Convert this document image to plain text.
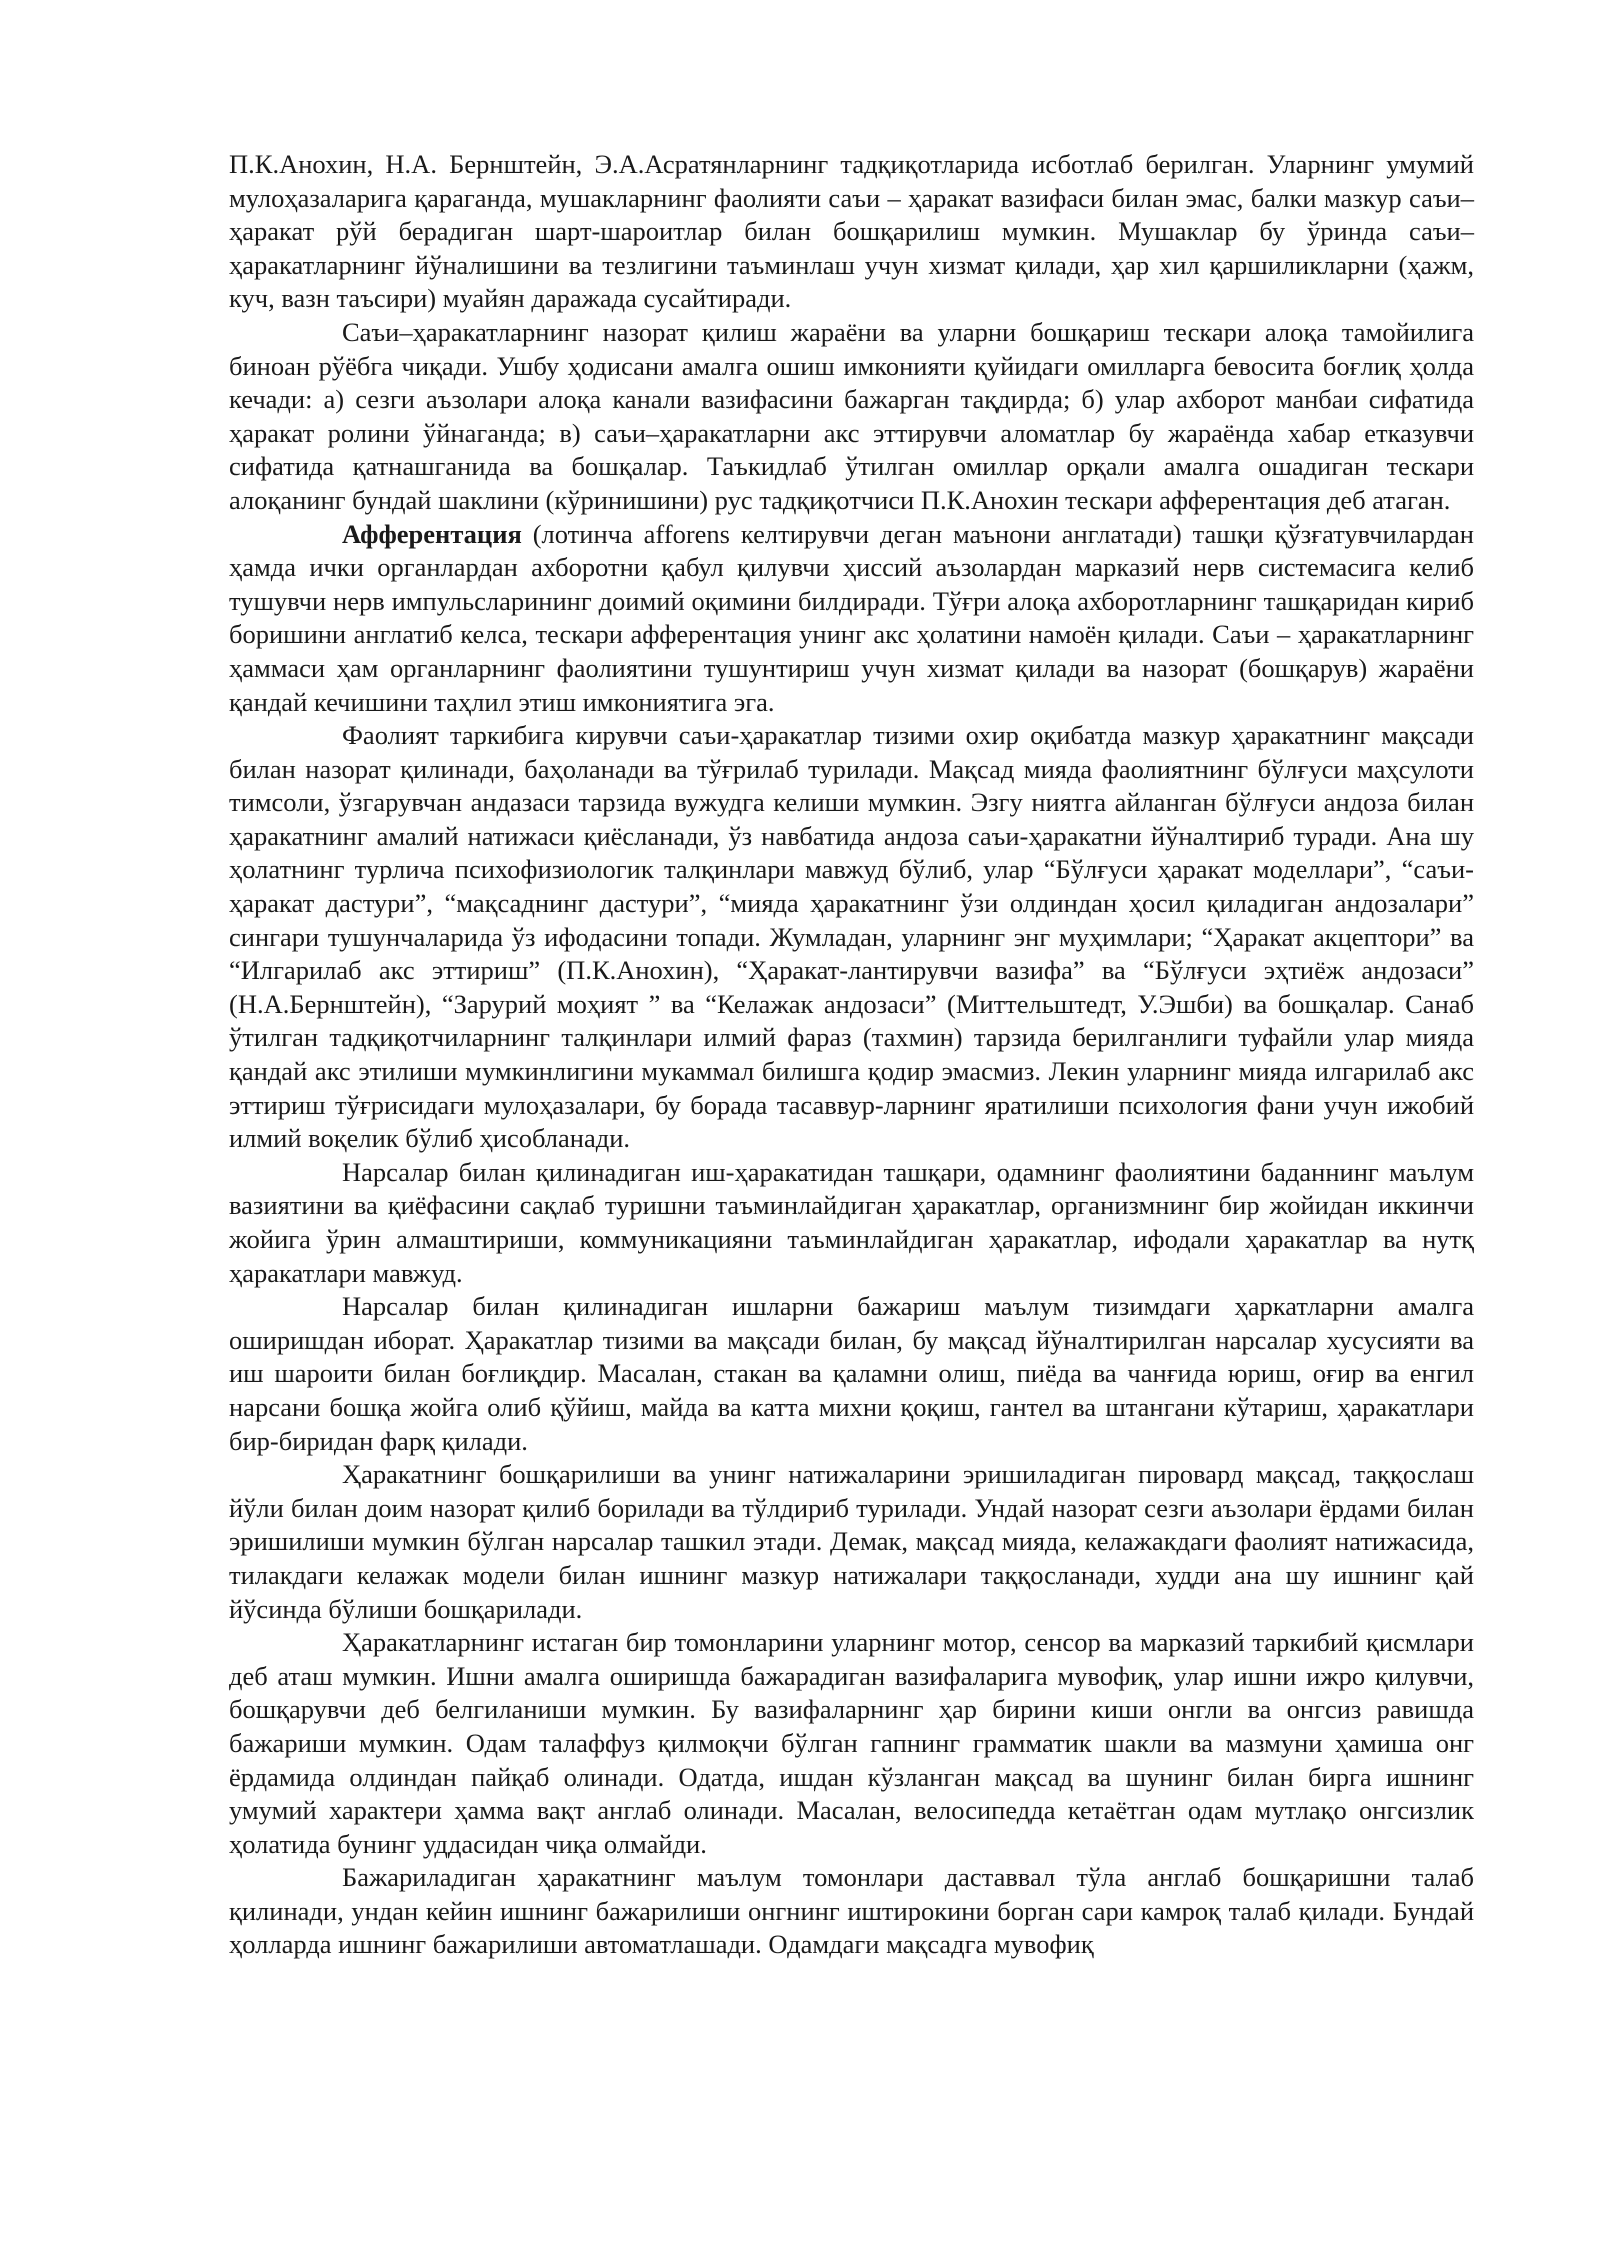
П.К.Анохин, Н.А. Бернштейн, Э.А.Асратянларнинг тадқиқотларида исботлаб берилган. Уларнинг умумий мулоҳазаларига қараганда, мушакларнинг фаолияти саъи – ҳаракат вазифаси билан эмас, балки мазкур саъи–ҳаракат рўй берадиган шарт-шароитлар билан бошқарилиш мумкин. Мушаклар бу ўринда саъи– ҳаракатларнинг йўналишини ва тезлигини таъминлаш учун хизмат қилади, ҳар хил қаршиликларни (ҳажм, куч, вазн таъсири) муайян даражада сусайтиради.

Саъи–ҳаракатларнинг назорат қилиш жараёни ва уларни бошқариш тескари алоқа тамойилига биноан рўёбга чиқади. Ушбу ҳодисани амалга ошиш имконияти қуйидаги омилларга бевосита боғлиқ ҳолда кечади: а) сезги аъзолари алоқа канали вазифасини бажарган тақдирда; б) улар ахборот манбаи сифатида ҳаракат ролини ўйнаганда; в) саъи–ҳаракатларни акс эттирувчи аломатлар бу жараёнда хабар етказувчи сифатида қатнашганида ва бошқалар. Таъкидлаб ўтилган омиллар орқали амалга ошадиган тескари алоқанинг бундай шаклини (кўринишини) рус тадқиқотчиси П.К.Анохин тескари афферентация деб атаган.

Афферентация (лотинча afforens келтирувчи деган маънони англатади) ташқи қўзғатувчилардан ҳамда ички органлардан ахборотни қабул қилувчи ҳиссий аъзолардан марказий нерв системасига келиб тушувчи нерв импульсларининг доимий оқимини билдиради. Тўғри алоқа ахборотларнинг ташқаридан кириб боришини англатиб келса, тескари афферентация унинг акс ҳолатини намоён қилади. Саъи – ҳаракатларнинг ҳаммаси ҳам органларнинг фаолиятини тушунтириш учун хизмат қилади ва назорат (бошқарув) жараёни қандай кечишини таҳлил этиш имкониятига эга.

Фаолият таркибига кирувчи саъи-ҳаракатлар тизими охир оқибатда мазкур ҳаракатнинг мақсади билан назорат қилинади, баҳоланади ва тўғрилаб турилади. Мақсад мияда фаолиятнинг бўлғуси маҳсулоти тимсоли, ўзгарувчан андазаси тарзида вужудга келиши мумкин. Эзгу ниятга айланган бўлғуси андоза билан ҳаракатнинг амалий натижаси қиёсланади, ўз навбатида андоза саъи-ҳаракатни йўналтириб туради. Ана шу ҳолатнинг турлича психофизиологик талқинлари мавжуд бўлиб, улар “Бўлғуси ҳаракат моделлари”, “саъи-ҳаракат дастури”, “мақсаднинг дастури”, “мияда ҳаракатнинг ўзи олдиндан ҳосил қиладиган андозалари” сингари тушунчаларида ўз ифодасини топади. Жумладан, уларнинг энг муҳимлари; “Ҳаракат акцептори” ва “Илгарилаб акс эттириш” (П.К.Анохин), “Ҳаракат-лантирувчи вазифа” ва “Бўлғуси эҳтиёж андозаси” (Н.А.Бернштейн), “Зарурий моҳият ” ва “Келажак андозаси” (Миттельштедт, У.Эшби) ва бошқалар. Санаб ўтилган тадқиқотчиларнинг талқинлари илмий фараз (тахмин) тарзида берилганлиги туфайли улар мияда қандай акс этилиши мумкинлигини мукаммал билишга қодир эмасмиз. Лекин уларнинг мияда илгарилаб акс эттириш тўғрисидаги мулоҳазалари, бу борада тасаввур-ларнинг яратилиши психология фани учун ижобий илмий воқелик бўлиб ҳисобланади.

Нарсалар билан қилинадиган иш-ҳаракатидан ташқари, одамнинг фаолиятини баданнинг маълум вазиятини ва қиёфасини сақлаб туришни таъминлайдиган ҳаракатлар, организмнинг бир жойидан иккинчи жойига ўрин алмаштириши, коммуникацияни таъминлайдиган ҳаракатлар, ифодали ҳаракатлар ва нутқ ҳаракатлари мавжуд.

Нарсалар билан қилинадиган ишларни бажариш маълум тизимдаги ҳаркатларни амалга оширишдан иборат. Ҳаракатлар тизими ва мақсади билан, бу мақсад йўналтирилган нарсалар хусусияти ва иш шароити билан боғлиқдир. Масалан, стакан ва қаламни олиш, пиёда ва чанғида юриш, оғир ва енгил нарсани бошқа жойга олиб қўйиш, майда ва катта михни қоқиш, гантел ва штангани кўтариш, ҳаракатлари бир-биридан фарқ қилади.

Ҳаракатнинг бошқарилиши ва унинг натижаларини эришиладиган пировард мақсад, таққослаш йўли билан доим назорат қилиб борилади ва тўлдириб турилади. Ундай назорат сезги аъзолари ёрдами билан эришилиши мумкин бўлган нарсалар ташкил этади. Демак, мақсад мияда, келажакдаги фаолият натижасида, тилакдаги келажак модели билан ишнинг мазкур натижалари таққосланади, худди ана шу ишнинг қай йўсинда бўлиши бошқарилади.

Ҳаракатларнинг истаган бир томонларини уларнинг мотор, сенсор ва марказий таркибий қисмлари деб аташ мумкин. Ишни амалга оширишда бажарадиган вазифаларига мувофиқ, улар ишни ижро қилувчи, бошқарувчи деб белгиланиши мумкин. Бу вазифаларнинг ҳар бирини киши онгли ва онгсиз равишда бажариши мумкин. Одам талаффуз қилмоқчи бўлган гапнинг грамматик шакли ва мазмуни ҳамиша онг ёрдамида олдиндан пайқаб олинади. Одатда, ишдан кўзланган мақсад ва шунинг билан бирга ишнинг умумий характери ҳамма вақт англаб олинади. Масалан, велосипедда кетаётган одам мутлақо онгсизлик ҳолатида бунинг уддасидан чиқа олмайди.

Бажариладиган ҳаракатнинг маълум томонлари даставвал тўла англаб бошқаришни талаб қилинади, ундан кейин ишнинг бажарилиши онгнинг иштирокини борган сари камроқ талаб қилади. Бундай ҳолларда ишнинг бажарилиши автоматлашади. Одамдаги мақсадга мувофиқ
